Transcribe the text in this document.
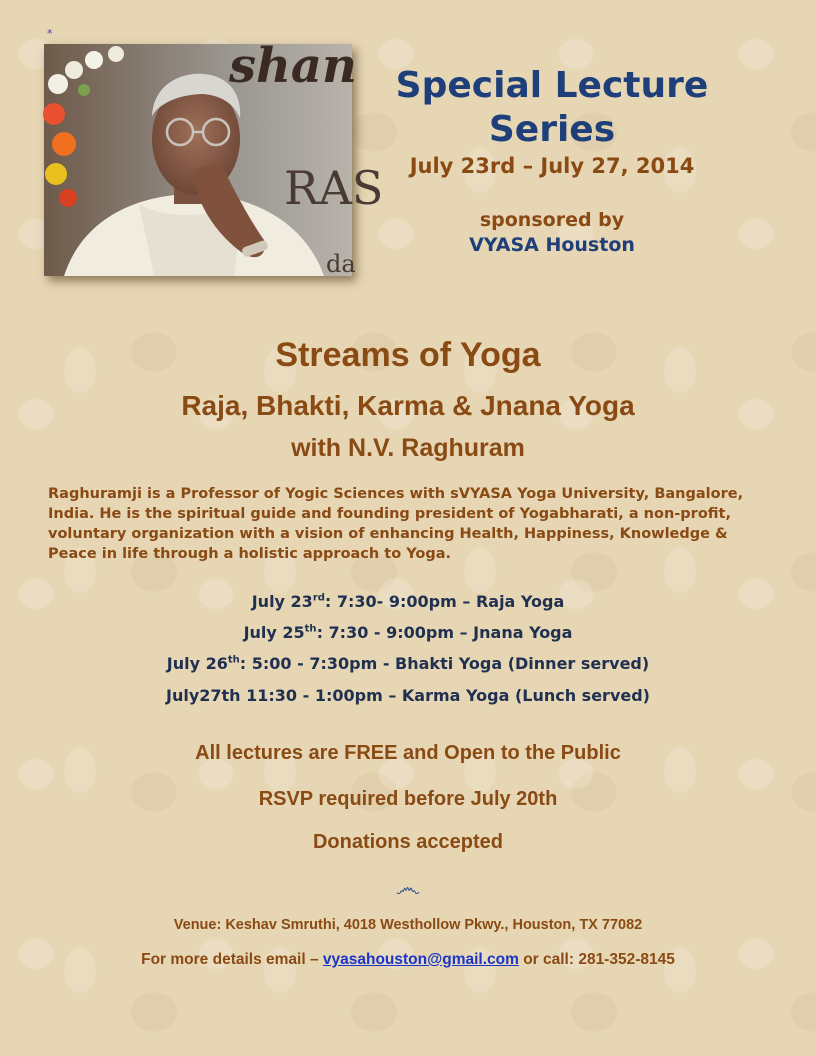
*
shan
RAS
da
Special Lecture
Series
July 23rd – July 27, 2014
sponsored by
VYASA Houston
Streams of Yoga
Raja, Bhakti, Karma & Jnana Yoga
with N.V. Raghuram
Raghuramji is a Professor of Yogic Sciences with sVYASA Yoga University, Bangalore, India. He is the spiritual guide and founding president of Yogabharati, a non-profit, voluntary organization with a vision of enhancing Health, Happiness, Knowledge & Peace in life through a holistic approach to Yoga.
July 23rd: 7:30- 9:00pm – Raja Yoga
July 25th: 7:30 - 9:00pm – Jnana Yoga
July 26th: 5:00 - 7:30pm - Bhakti Yoga (Dinner served)
July27th 11:30 - 1:00pm – Karma Yoga (Lunch served)
All lectures are FREE and Open to the Public
RSVP required before July 20th
Donations accepted
෴
Venue: Keshav Smruthi, 4018 Westhollow Pkwy., Houston, TX 77082
For more details email – vyasahouston@gmail.com or call: 281-352-8145
